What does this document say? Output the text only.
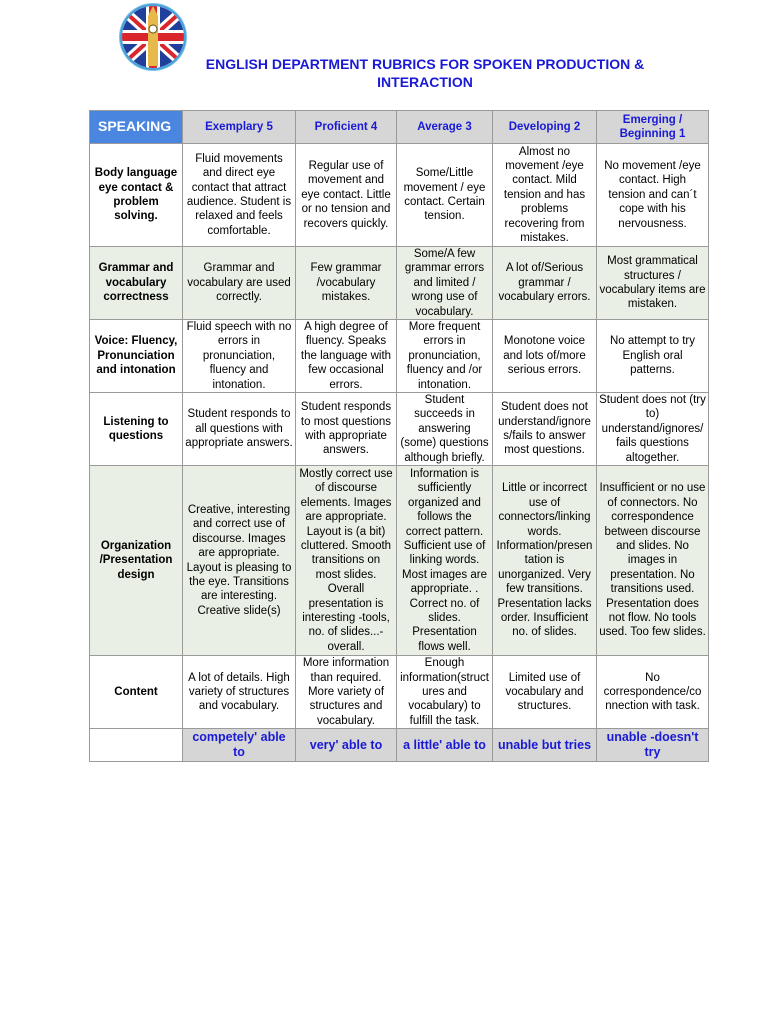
ENGLISH DEPARTMENT RUBRICS FOR SPOKEN PRODUCTION &
INTERACTION
SPEAKING	Exemplary 5	Proficient 4	Average 3	Developing 2	Emerging / Beginning 1
Body language eye contact & problem solving.	Fluid movements and direct eye contact that attract audience. Student is relaxed and feels comfortable.	Regular use of movement and eye contact. Little or no tension and recovers quickly.	Some/Little movement / eye contact. Certain tension.	Almost no movement /eye contact. Mild tension and has problems recovering from mistakes.	No movement /eye contact. High tension and can´t cope with his nervousness.
Grammar and vocabulary correctness	Grammar and vocabulary are used correctly.	Few grammar /vocabulary mistakes.	Some/A few grammar errors and limited / wrong use of vocabulary.	A lot of/Serious grammar / vocabulary errors.	Most grammatical structures / vocabulary items are mistaken.
Voice: Fluency, Pronunciation and intonation	Fluid speech with no errors in pronunciation, fluency and intonation.	A high degree of fluency. Speaks the language with few occasional errors.	More frequent errors in pronunciation, fluency and /or intonation.	Monotone voice and lots of/more serious errors.	No attempt to try English oral patterns.
Listening to questions	Student responds to all questions with appropriate answers.	Student responds to most questions with appropriate answers.	Student succeeds in answering (some) questions although briefly.	Student does not understand/ignore s/fails to answer most questions.	Student does not (try to) understand/ignores/ fails questions altogether.
Organization /Presentation design	Creative, interesting and correct use of discourse. Images are appropriate. Layout is pleasing to the eye. Transitions are interesting. Creative slide(s)	Mostly correct use of discourse elements. Images are appropriate. Layout is (a bit) cluttered. Smooth transitions on most slides. Overall presentation is interesting -tools, no. of slides...- overall.	Information is sufficiently organized and follows the correct pattern. Sufficient use of linking words. Most images are appropriate. . Correct no. of slides. Presentation flows well.	Little or incorrect use of connectors/linking words. Information/presen tation is unorganized. Very few transitions. Presentation lacks order. Insufficient no. of slides.	Insufficient or no use of connectors. No correspondence between discourse and slides. No images in presentation. No transitions used. Presentation does not flow. No tools used. Too few slides.
Content	A lot of details. High variety of structures and vocabulary.	More information than required. More variety of structures and vocabulary.	Enough information(struct ures and vocabulary) to fulfill the task.	Limited use of vocabulary and structures.	No correspondence/co nnection with task.
	competely' able to	very' able to	a little' able to	unable but tries	unable -doesn't try
